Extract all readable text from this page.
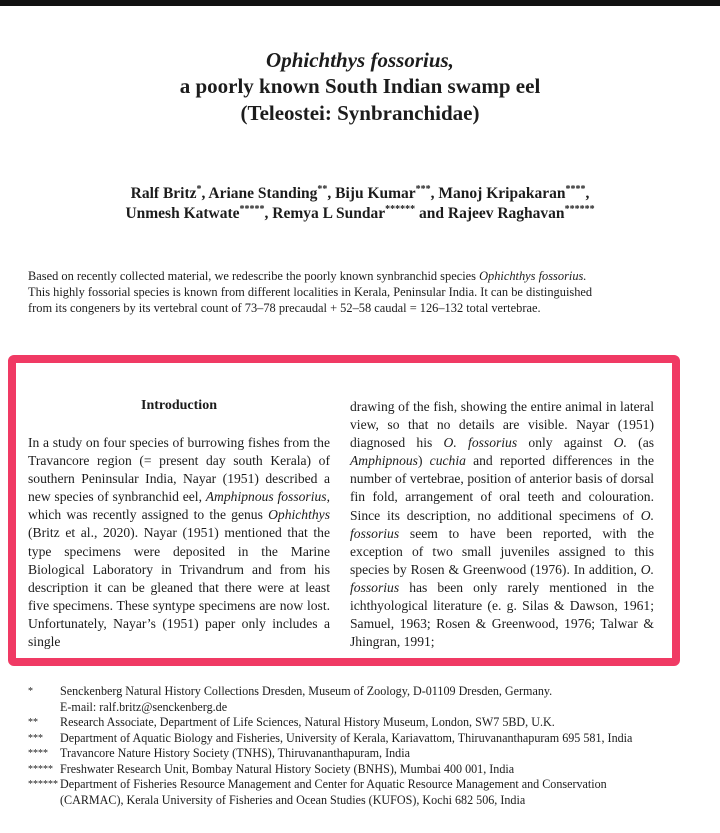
Ophichthys fossorius,
a poorly known South Indian swamp eel
(Teleostei: Synbranchidae)
Ralf Britz*, Ariane Standing**, Biju Kumar***, Manoj Kripakaran****,
Unmesh Katwate*****, Remya L Sundar****** and Rajeev Raghavan******
Based on recently collected material, we redescribe the poorly known synbranchid species Ophichthys fossorius.
This highly fossorial species is known from different localities in Kerala, Peninsular India. It can be distinguished
from its congeners by its vertebral count of 73–78 precaudal + 52–58 caudal = 126–132 total vertebrae.
Introduction

In a study on four species of burrowing fishes from the Travancore region (= present day south Kerala) of southern Peninsular India, Nayar (1951) described a new species of synbranchid eel, Amphipnous fossorius, which was recently assigned to the genus Ophichthys (Britz et al., 2020). Nayar (1951) mentioned that the type specimens were deposited in the Marine Biological Laboratory in Trivandrum and from his description it can be gleaned that there were at least five specimens. These syntype specimens are now lost. Unfortunately, Nayar’s (1951) paper only includes a single

drawing of the fish, showing the entire animal in lateral view, so that no details are visible. Nayar (1951) diagnosed his O. fossorius only against O. (as Amphipnous) cuchia and reported differences in the number of vertebrae, position of anterior basis of dorsal fin fold, arrangement of oral teeth and colouration. Since its description, no additional specimens of O. fossorius seem to have been reported, with the exception of two small juveniles assigned to this species by Rosen & Greenwood (1976). In addition, O. fossorius has been only rarely mentioned in the ichthyological literature (e. g. Silas & Dawson, 1961; Samuel, 1963; Rosen & Greenwood, 1976; Talwar & Jhingran, 1991;

*	Senckenberg Natural History Collections Dresden, Museum of Zoology, D-01109 Dresden, Germany.
E-mail: ralf.britz@senckenberg.de
**	Research Associate, Department of Life Sciences, Natural History Museum, London, SW7 5BD, U.K.
***	Department of Aquatic Biology and Fisheries, University of Kerala, Kariavattom, Thiruvananthapuram 695 581, India
**** Travancore Nature History Society (TNHS), Thiruvananthapuram, India
***** Freshwater Research Unit, Bombay Natural History Society (BNHS), Mumbai 400 001, India
****** Department of Fisheries Resource Management and Center for Aquatic Resource Management and Conservation (CARMAC), Kerala University of Fisheries and Ocean Studies (KUFOS), Kochi 682 506, India
